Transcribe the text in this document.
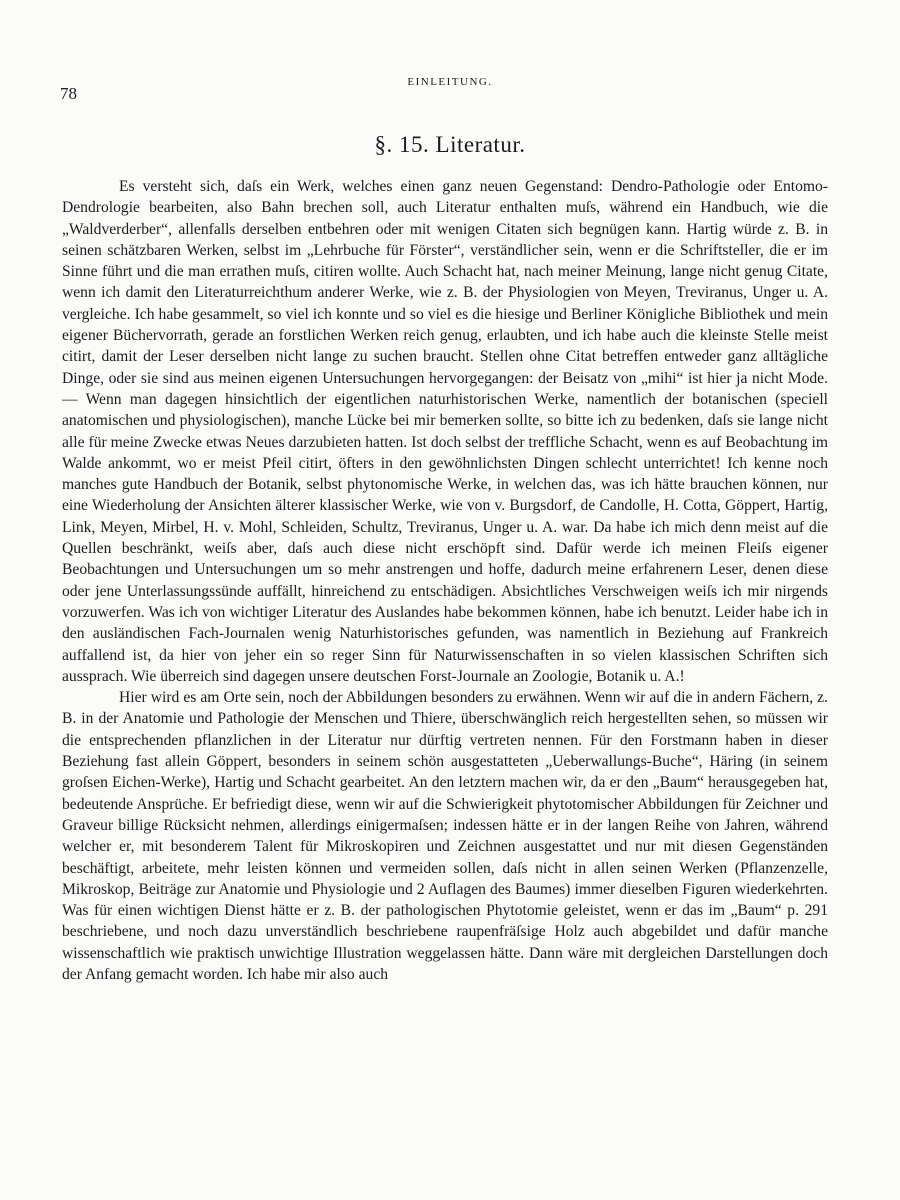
78
EINLEITUNG.
§. 15. Literatur.

Es versteht sich, daſs ein Werk, welches einen ganz neuen Gegenstand: Dendro-Pathologie oder Entomo-Dendrologie bearbeiten, also Bahn brechen soll, auch Literatur enthalten muſs, während ein Handbuch, wie die „Waldverderber“, allenfalls derselben entbehren oder mit wenigen Citaten sich begnügen kann. Hartig würde z. B. in seinen schätzbaren Werken, selbst im „Lehrbuche für Förster“, verständlicher sein, wenn er die Schriftsteller, die er im Sinne führt und die man errathen muſs, citiren wollte. Auch Schacht hat, nach meiner Meinung, lange nicht genug Citate, wenn ich damit den Literaturreichthum anderer Werke, wie z. B. der Physiologien von Meyen, Treviranus, Unger u. A. vergleiche. Ich habe gesammelt, so viel ich konnte und so viel es die hiesige und Berliner Königliche Bibliothek und mein eigener Büchervorrath, gerade an forstlichen Werken reich genug, erlaubten, und ich habe auch die kleinste Stelle meist citirt, damit der Leser derselben nicht lange zu suchen braucht. Stellen ohne Citat betreffen entweder ganz alltägliche Dinge, oder sie sind aus meinen eigenen Untersuchungen hervorgegangen: der Beisatz von „mihi“ ist hier ja nicht Mode. — Wenn man dagegen hinsichtlich der eigentlichen naturhistorischen Werke, namentlich der botanischen (speciell anatomischen und physiologischen), manche Lücke bei mir bemerken sollte, so bitte ich zu bedenken, daſs sie lange nicht alle für meine Zwecke etwas Neues darzubieten hatten. Ist doch selbst der treffliche Schacht, wenn es auf Beobachtung im Walde ankommt, wo er meist Pfeil citirt, öfters in den gewöhnlichsten Dingen schlecht unterrichtet! Ich kenne noch manches gute Handbuch der Botanik, selbst phytonomische Werke, in welchen das, was ich hätte brauchen können, nur eine Wiederholung der Ansichten älterer klassischer Werke, wie von v. Burgsdorf, de Candolle, H. Cotta, Göppert, Hartig, Link, Meyen, Mirbel, H. v. Mohl, Schleiden, Schultz, Treviranus, Unger u. A. war. Da habe ich mich denn meist auf die Quellen beschränkt, weiſs aber, daſs auch diese nicht erschöpft sind. Dafür werde ich meinen Fleiſs eigener Beobachtungen und Untersuchungen um so mehr anstrengen und hoffe, dadurch meine erfahrenern Leser, denen diese oder jene Unterlassungssünde auffällt, hinreichend zu entschädigen. Absichtliches Verschweigen weiſs ich mir nirgends vorzuwerfen. Was ich von wichtiger Literatur des Auslandes habe bekommen können, habe ich benutzt. Leider habe ich in den ausländischen Fach-Journalen wenig Naturhistorisches gefunden, was namentlich in Beziehung auf Frankreich auffallend ist, da hier von jeher ein so reger Sinn für Naturwissenschaften in so vielen klassischen Schriften sich aussprach. Wie überreich sind dagegen unsere deutschen Forst-Journale an Zoologie, Botanik u. A.!

Hier wird es am Orte sein, noch der Abbildungen besonders zu erwähnen. Wenn wir auf die in andern Fächern, z. B. in der Anatomie und Pathologie der Menschen und Thiere, überschwänglich reich hergestellten sehen, so müssen wir die entsprechenden pflanzlichen in der Literatur nur dürftig vertreten nennen. Für den Forstmann haben in dieser Beziehung fast allein Göppert, besonders in seinem schön ausgestatteten „Ueberwallungs-Buche“, Häring (in seinem groſsen Eichen-Werke), Hartig und Schacht gearbeitet. An den letztern machen wir, da er den „Baum“ herausgegeben hat, bedeutende Ansprüche. Er befriedigt diese, wenn wir auf die Schwierigkeit phytotomischer Abbildungen für Zeichner und Graveur billige Rücksicht nehmen, allerdings einigermaſsen; indessen hätte er in der langen Reihe von Jahren, während welcher er, mit besonderem Talent für Mikroskopiren und Zeichnen ausgestattet und nur mit diesen Gegenständen beschäftigt, arbeitete, mehr leisten können und vermeiden sollen, daſs nicht in allen seinen Werken (Pflanzenzelle, Mikroskop, Beiträge zur Anatomie und Physiologie und 2 Auflagen des Baumes) immer dieselben Figuren wiederkehrten. Was für einen wichtigen Dienst hätte er z. B. der pathologischen Phytotomie geleistet, wenn er das im „Baum“ p. 291 beschriebene, und noch dazu unverständlich beschriebene raupenfräſsige Holz auch abgebildet und dafür manche wissenschaftlich wie praktisch unwichtige Illustration weggelassen hätte. Dann wäre mit dergleichen Darstellungen doch der Anfang gemacht worden. Ich habe mir also auch
